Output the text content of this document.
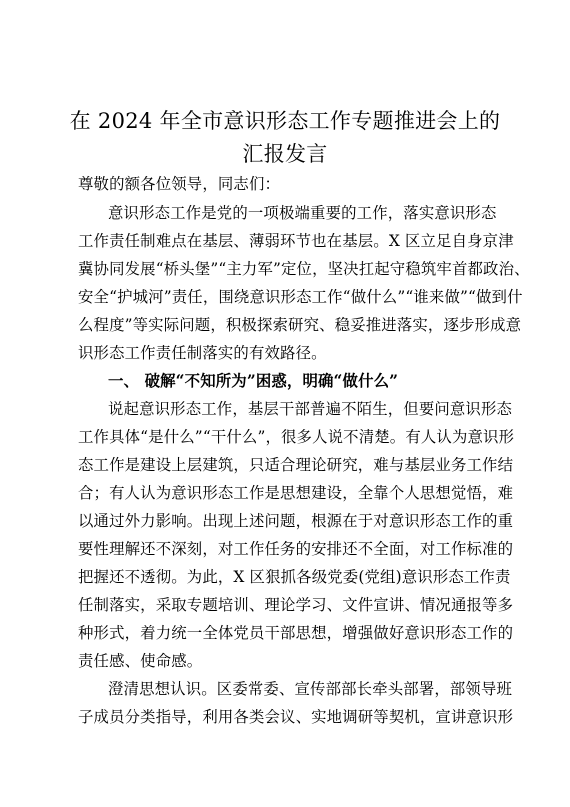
在 2024 年全市意识形态工作专题推进会上的
汇报发言
尊敬的额各位领导，同志们：
意识形态工作是党的一项极端重要的工作，落实意识形态
工作责任制难点在基层、薄弱环节也在基层。X 区立足自身京津
冀协同发展“桥头堡”“主力军”定位，坚决扛起守稳筑牢首都政治、
安全“护城河”责任，围绕意识形态工作“做什么”“谁来做”“做到什
么程度”等实际问题，积极探索研究、稳妥推进落实，逐步形成意
识形态工作责任制落实的有效路径。
一、 破解“不知所为”困惑，明确“做什么”
说起意识形态工作，基层干部普遍不陌生，但要问意识形态
工作具体“是什么”“干什么”，很多人说不清楚。有人认为意识形
态工作是建设上层建筑，只适合理论研究，难与基层业务工作结
合；有人认为意识形态工作是思想建设，全靠个人思想觉悟，难
以通过外力影响。出现上述问题，根源在于对意识形态工作的重
要性理解还不深刻，对工作任务的安排还不全面，对工作标准的
把握还不透彻。为此，X 区狠抓各级党委(党组)意识形态工作责
任制落实，采取专题培训、理论学习、文件宣讲、情况通报等多
种形式，着力统一全体党员干部思想，增强做好意识形态工作的
责任感、使命感。
澄清思想认识。区委常委、宣传部部长牵头部署，部领导班
子成员分类指导，利用各类会议、实地调研等契机，宣讲意识形
